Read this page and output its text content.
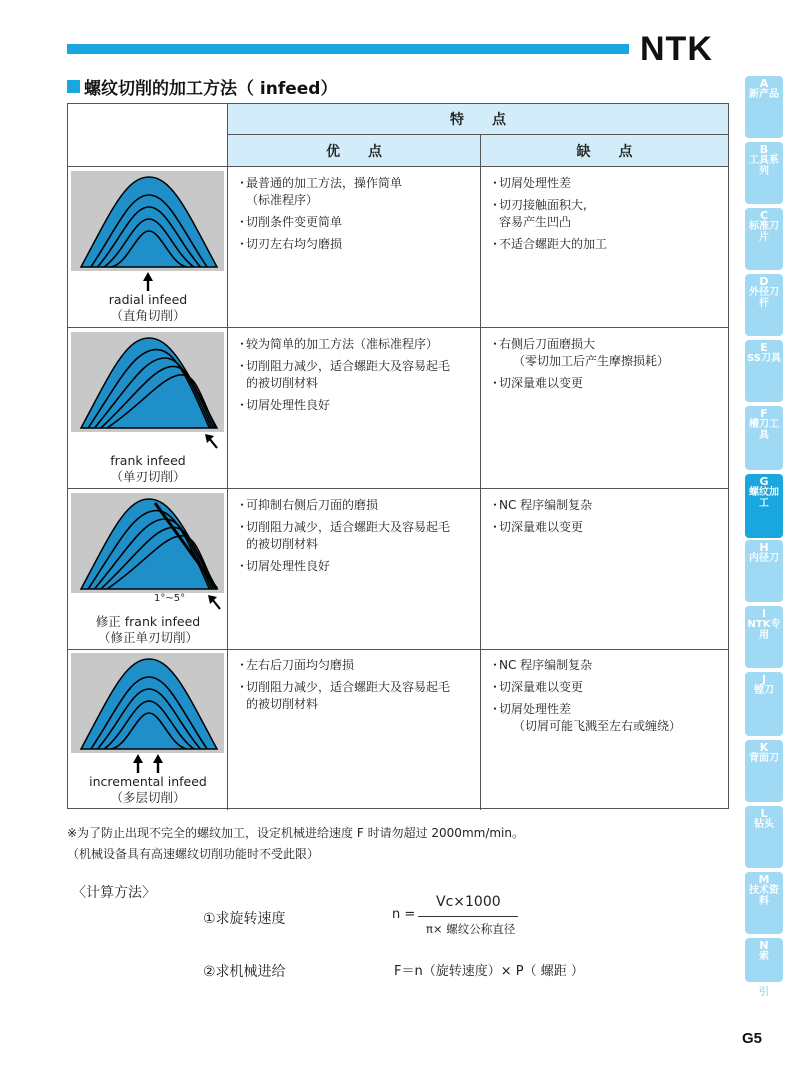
NTK
螺纹切削的加工方法（ infeed）
特　　点
优　　点	缺　　点
radial infeed
（直角切削）
・最普通的加工方法，操作简单
（标准程序）
・切削条件变更简单
・切刃左右均匀磨损
・切屑处理性差
・切刃接触面积大,
容易产生凹凸
・不适合螺距大的加工
frank infeed
（单刃切削）
・较为简单的加工方法（准标准程序）
・切削阻力减少，适合螺距大及容易起毛
的被切削材料
・切屑处理性良好
・右侧后刀面磨损大
（零切加工后产生摩擦损耗）
・切深量难以变更
1°~5°
修正 frank infeed
（修正单刃切削）
・可抑制右侧后刀面的磨损
・切削阻力减少，适合螺距大及容易起毛
的被切削材料
・切屑处理性良好
・NC 程序编制复杂
・切深量难以变更
incremental infeed
（多层切削）
・左右后刀面均匀磨损
・切削阻力减少，适合螺距大及容易起毛
的被切削材料
・NC 程序编制复杂
・切深量难以变更
・切屑处理性差
（切屑可能飞溅至左右或缠绕）
※为了防止出现不完全的螺纹加工，设定机械进给速度 F 时请勿超过 2000mm/min。
（机械设备具有高速螺纹切削功能时不受此限）
〈计算方法〉
①求旋转速度
②求机械进给
n =
Vc×1000
π× 螺纹公称直径
F＝n（旋转速度）× P（ 螺距 ）
A
新产品
B
工具系列
C
标准刀片
D
外径刀杆
E
SS刀具
F
槽刀工具
G
螺纹加工
H
内径刀
I
NTK专用
J
镗刀
K
背面刀
L
钻头
M
技术资料
N
索
引
G5
